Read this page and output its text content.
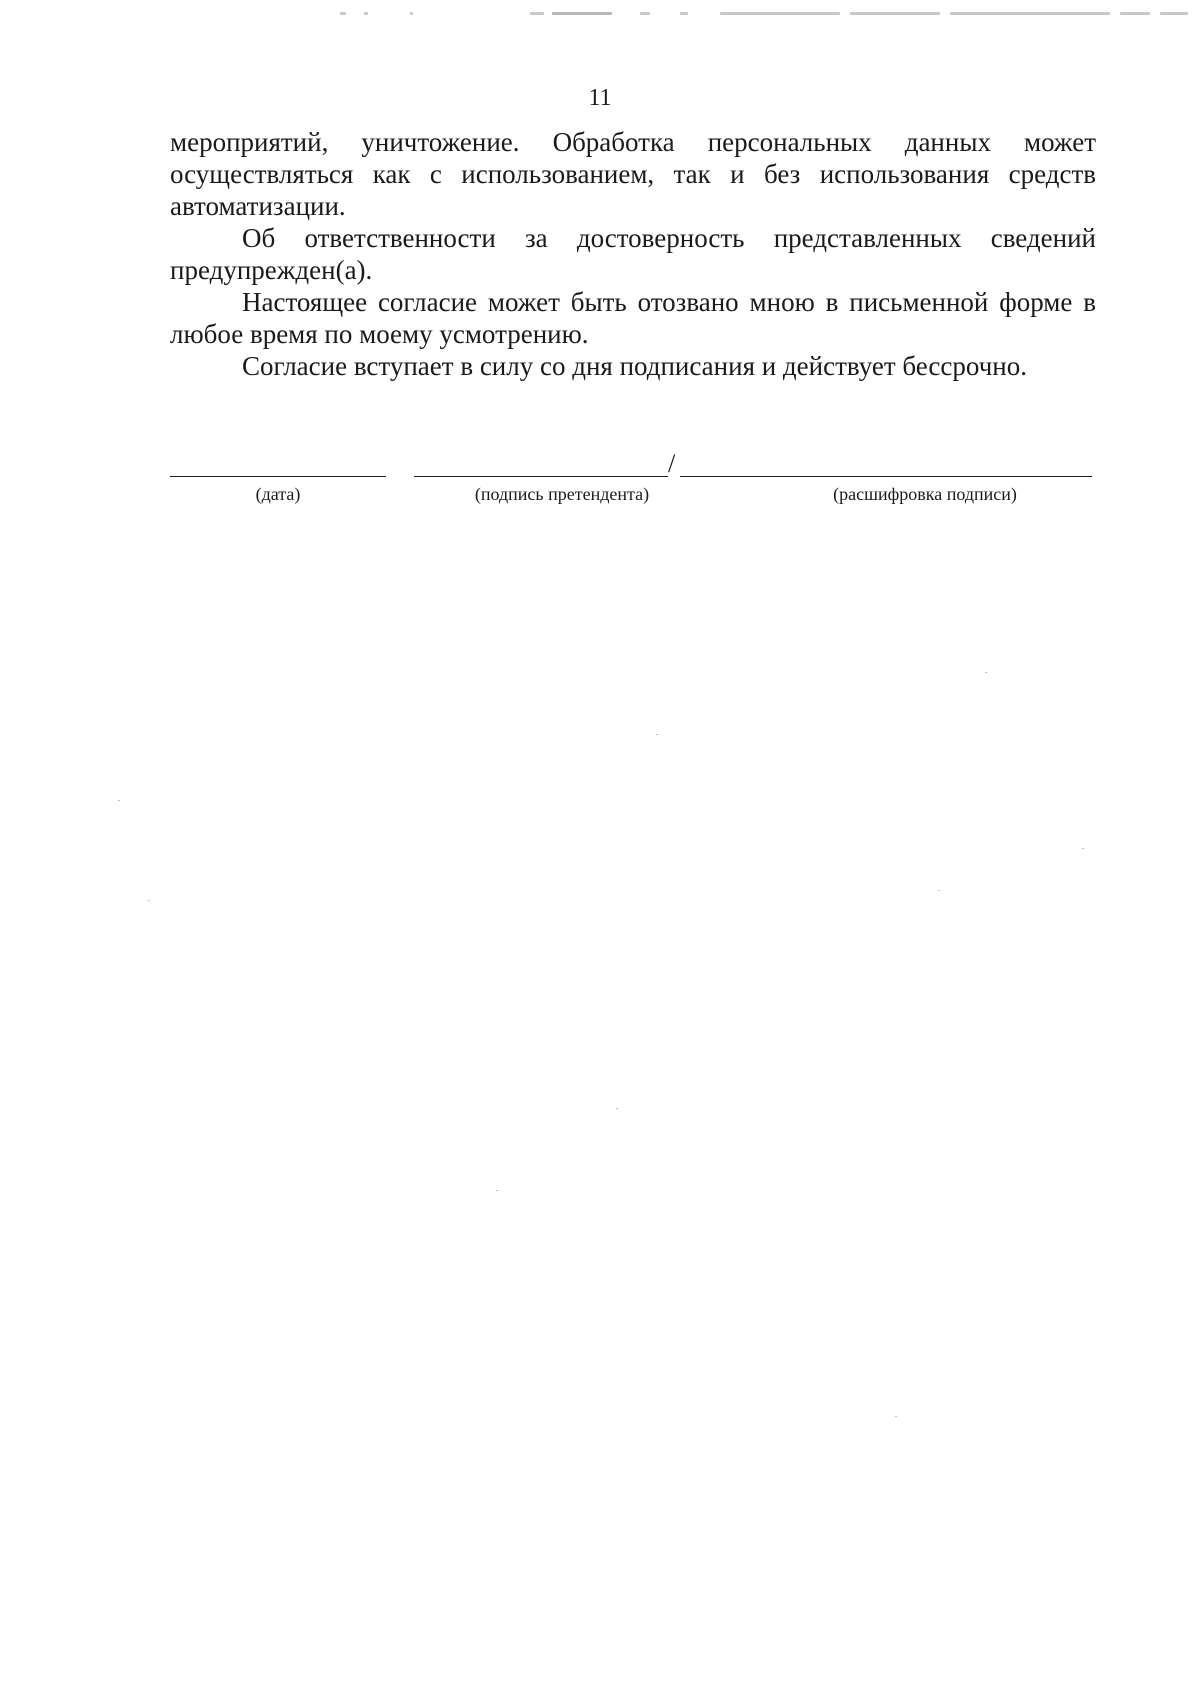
11

мероприятий, уничтожение. Обработка персональных данных может осуществляться как с использованием, так и без использования средств автоматизации.

Об ответственности за достоверность представленных сведений предупрежден(а).

Настоящее согласие может быть отозвано мною в письменной форме в любое время по моему усмотрению.

Согласие вступает в силу со дня подписания и действует бессрочно.

/
(дата)	(подпись претендента)	(расшифровка подписи)
